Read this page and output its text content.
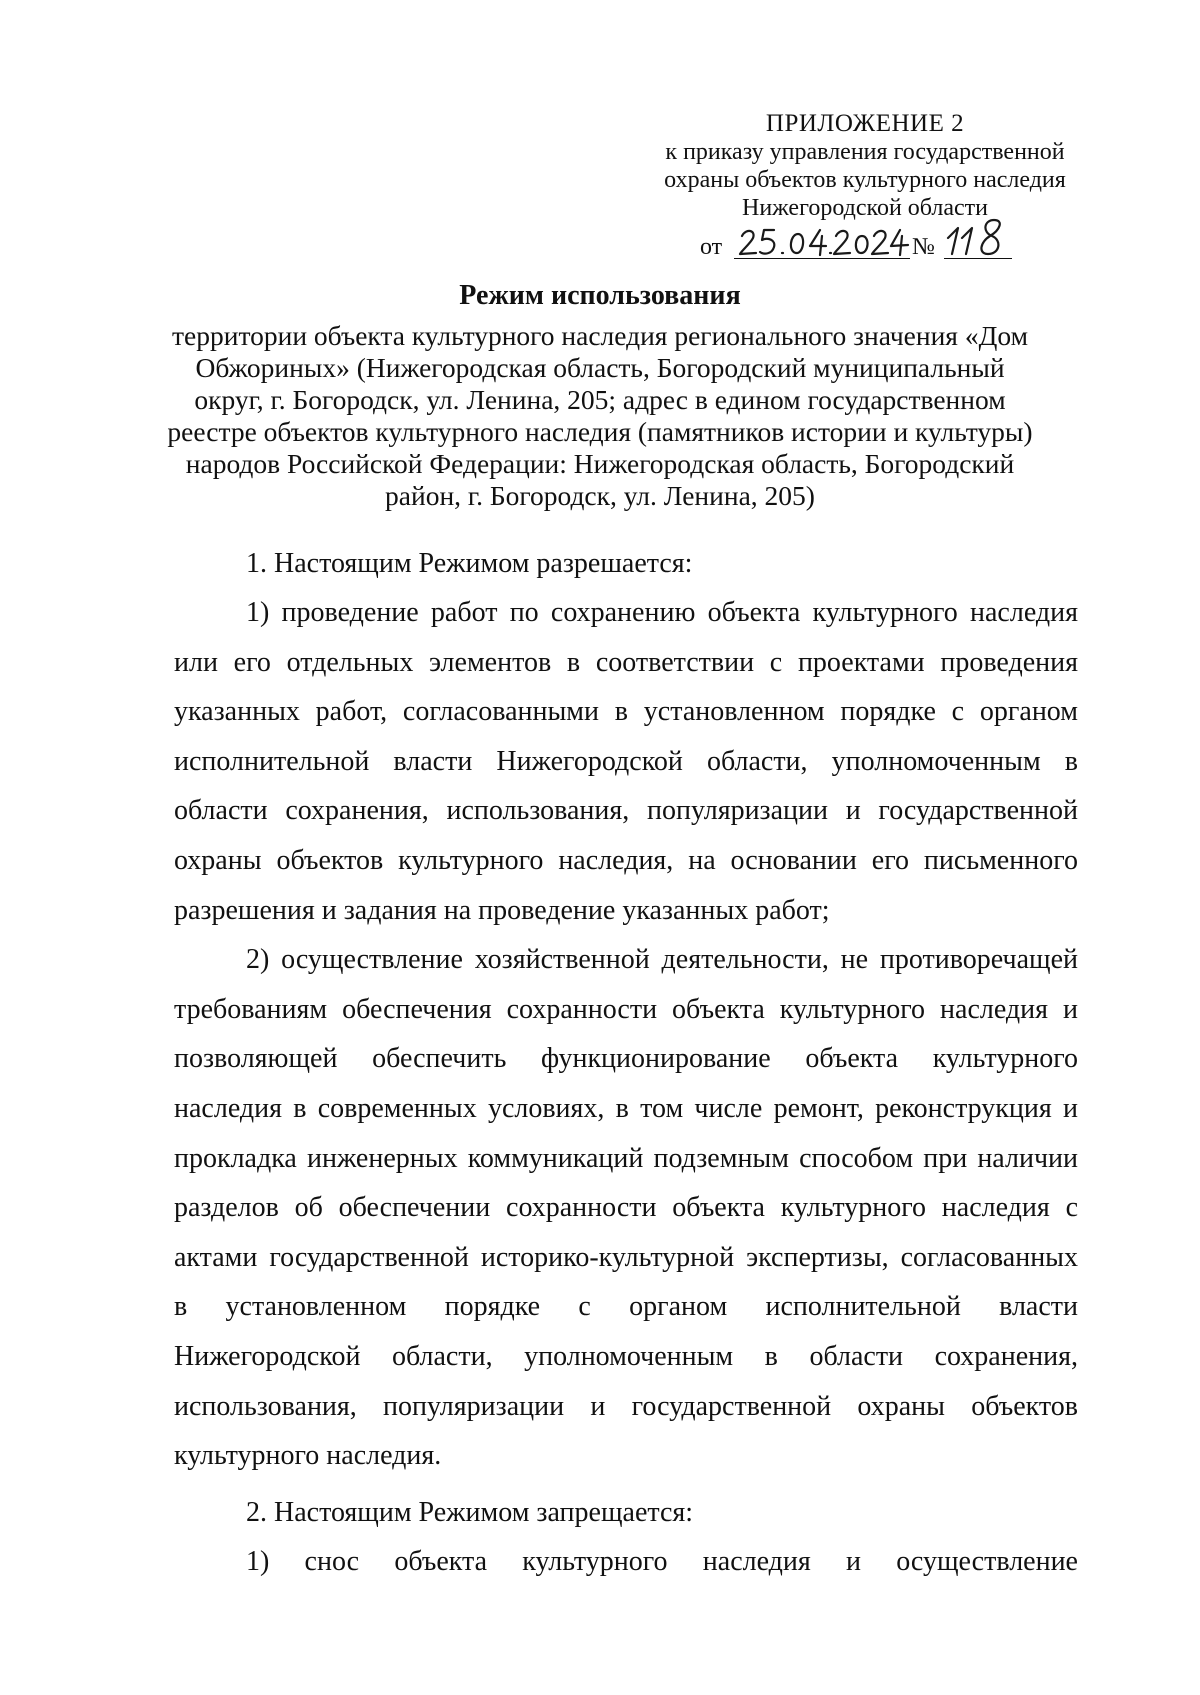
ПРИЛОЖЕНИЕ 2
к приказу управления государственной
охраны объектов культурного наследия
Нижегородской области
от	№
Режим использования

территории объекта культурного наследия регионального значения «Дом Обжориных» (Нижегородская область, Богородский муниципальный округ, г. Богородск, ул. Ленина, 205; адрес в едином государственном реестре объектов культурного наследия (памятников истории и культуры) народов Российской Федерации: Нижегородская область, Богородский район, г. Богородск, ул. Ленина, 205)

1. Настоящим Режимом разрешается:

1) проведение работ по сохранению объекта культурного наследия или его отдельных элементов в соответствии с проектами проведения указанных работ, согласованными в установленном порядке с органом исполнительной власти Нижегородской области, уполномоченным в области сохранения, использования, популяризации и государственной охраны объектов культурного наследия, на основании его письменного разрешения и задания на проведение указанных работ;

2) осуществление хозяйственной деятельности, не противоречащей требованиям обеспечения сохранности объекта культурного наследия и позволяющей обеспечить функционирование объекта культурного наследия в современных условиях, в том числе ремонт, реконструкция и прокладка инженерных коммуникаций подземным способом при наличии разделов об обеспечении сохранности объекта культурного наследия с актами государственной историко-культурной экспертизы, согласованных в установленном порядке с органом исполнительной власти Нижегородской области, уполномоченным в области сохранения, использования, популяризации и государственной охраны объектов культурного наследия.

2. Настоящим Режимом запрещается:

1) снос объекта культурного наследия и осуществление
